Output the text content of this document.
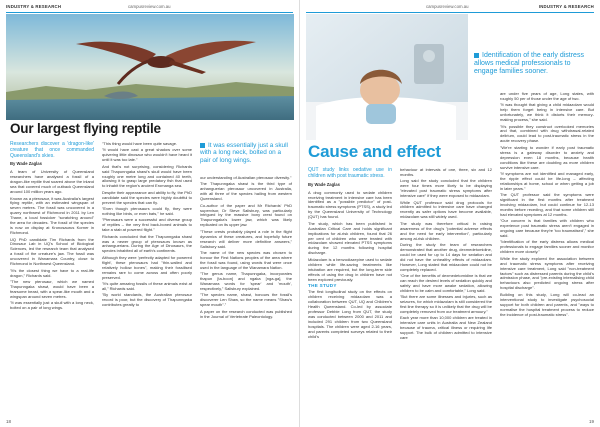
INDUSTRY & RESEARCH	campusreview.com.au
Our largest flying reptile
Researchers discover a 'dragon-like' creature that once commanded Queensland's skies.
By Wade Zaglas

A team of University of Queensland researchers have analysed a fossil of a dragon-like reptile that soared above the inland sea that covered much of outback Queensland around 100 million years ago.

Known as a pterosaur, it was Australia's largest flying reptile, with an estimated wingspan of seven metres. The fossil was uncovered in a quarry northwest of Richmond in 2011 by Len Thane, a local fossicker "scratching around" the area for decades. The fossil of the species is now on display at Kronosaurus Korner in Richmond.

UQ PhD candidate Tim Richards from the Dinosaur Lab in UQ's School of Biological Sciences, led the research team that analysed a fossil of the creature's jaw. The fossil was uncovered in Wanamara Country, close to Richmond in Northwest Queensland.

"It's the closest thing we have to a real-life dragon," Richards said.

"The new pterosaur, which we named Thapunngaka shawi, would have been a fearsome beast, with a spear-like mouth and a wingspan around seven metres.

"It was essentially just a skull with a long neck, bolted on a pair of long wings.

"This thing would have been quite savage.

"It would have cast a great shadow over some quivering little dinosaur who wouldn't have heard it until it was too late."

And that's not surprising, considering Richards said Thapunngaka shawi's skull would have been roughly one metre long and contained 40 teeth, allowing it to grasp large predatory fish that used to inhabit the region's ancient Eromanga sea.

Despite their appearance and ability to fly, the PhD candidate said the species were highly doubtful to prevent the species that can fly.

"Even though pterosaurs could fly, they were nothing like birds, or even bats," he said.

"Pterosaurs were a successful and diverse group of reptiles – the very first back-boned animals to take a stab at powered flight."

Richards concluded that the Thapunngaka shawi was a newer group of pterosaurs known as anhanguerians. During the Age of Dinosaurs, the species inhabited all of earth's continents.

Although they were 'perfectly adapted for powered flight', these pterosaurs had "thin-walled and relatively hollow bones", making their fossilised remains rare to come across and often poorly preserved.

"It's quite amazing fossils of these animals exist at all," Richards said.

"By world standards, the Australian pterosaur record is poor, but the discovery of Thapunngaka contributes greatly to

It was essentially just a skull with a long neck, bolted on a pair of long wings.

our understanding of Australian pterosaur diversity."

The Thapunngaka shawi is the third type of anhanguerian pterosaur uncovered in Australia, with all three of the species hailing from western Queensland.

Co-author of the paper and Mr Richards' PhD supervisor, Dr Steve Salisbury, was particularly intrigued by the massive bony crest found on Thapunngaka's lower jaw, which was likely replicated on its upper jaw.

"These crests probably played a role in the flight dynamics of these creatures, and hopefully future research will deliver more definitive answers," Salisbury said.

The name of the new species was chosen to honour the First Nations peoples of the area where the fossil was found, using words that were once used in the language of the Wanamara Nation.

"The genus name, Thapunngaka, incorporates thapun [ta-boon] and ngaka [nga-ga], the Wanamara words for 'spear' and 'mouth', respectively," Salisbury explained.

"The species name, shawi, honours the fossil's discoverer Len Shaw, so the name means "Shaw's spear mouth"."

A paper on the research conducted was published in the Journal of Vertebrate Paleontology.

18
campusreview.com.au	INDUSTRY & RESEARCH
Identification of the early distress allows medical professionals to engage families sooner.
Cause and effect
QUT study links oedative use in children with post traumatic stress.
By Wade Zaglas

A drug commonly used to sedate children receiving treatment in intensive care has been identified as a "possible predictor" of post-traumatic stress symptoms (PTSS), a study led by the Queensland University of Technology (QUT) has found.

The study, which has been published in Australian Critical Care and holds significant implications for at-risk children, found that 26 per cent of children who were treated with midazolam showed elevated PTSS symptoms during the 12 months following hospital discharge.

Midazolam is a benzodiazepine used to sedate children while life-saving treatments like intubation are required, but the long-term side effects of using the drug in children have not been explored previously.

THE STUDY

The first longitudinal study on the effects on children receiving midazolam was a collaboration between QUT, UQ and Children's Health Queensland. Co-led by associate professor Debbie Long from QUT, the study was conducted between 2000 and 2011 and included 291 children from two Queensland hospitals. The children were aged 2-16 years, and parents completed surveys related to their child's

behaviour at intervals of one, three, six and 12 months.

Long said the study concluded that the children were four times more likely to be displaying "elevated post traumatic stress symptoms after intensive care" if they were exposed to midazolam.

While QUT professor said drug protocols for children admitted to intensive care have changed recently as safer options have become available, midazolam was still widely used.

The study was therefore critical in raising awareness of the drug's "potential adverse effects and the need for early intervention", particularly among at-risk children.

During the study the team of researchers demonstrated that another drug, dexmedetomidine, could be used for up to 14 days for sedation and did not have the unhealthy effects of midazolam. However, Long stated that midazolam could not be completely replaced.

"One of the benefits of dexmedetomidine is that we can reach the desired levels of sedation quickly and safely and have more awake sedation, allowing children to be calm and comfortable," Long said.

"But there are some illnesses and injuries, such as seizures, for which midazolam is still considered the first line therapy so it is unlikely that the drug will be completely removed from our treatment armoury."

Each year more than 10,000 children are treated in intensive care units in Australia and New Zealand because of trauma, critical illness or requiring life support. The bulk of children admitted to intensive care

are under five years of age, Long states, with roughly 50 per of those under the age of two.

"It was thought that giving a child midazolam would help them forget being in intensive care. But unfortunately, we think it distorts their memory-making process," she said.

"It's possible they construct overlooked memories and that, combined with drug withdrawal-related delirium, could lead to post-traumatic stress in the acute recovery phase.

"We're starting to wonder if early post traumatic stress is a gateway disorder to anxiety and depression even 18 months, because health conditions like these are doubling as more children survive intensive care.

"If symptoms are not identified and managed early, the ripple effect could be life-long – affecting relationships at home, school or when getting a job in later years."

The QUT professor said the symptoms were significant in the first months after treatment involving midazolam, but could continue for 12-13 months before receding, and that some children still had elevated symptoms at 12 months.

"Our concern is that families with children who experience post traumatic stress aren't engaged in ongoing care because they're 'too traumatised'," she said.

"Identification of the early distress allows medical professionals to engage families sooner and monitor children more closely."

While the study explored the association between and traumatic stress symptoms after receiving intensive care treatment, Long said "non-treatment factors" such as distressed parents during the child's admission phase, and "pre-existing internalising child behaviours also predicted ongoing stress after hospital discharge".

Building on this study, Long will co-lead an interventional study to investigate psychosocial support for both children and parents, and "ways to normalise the hospital treatment process to reduce the incidence of post-traumatic stress".

19
